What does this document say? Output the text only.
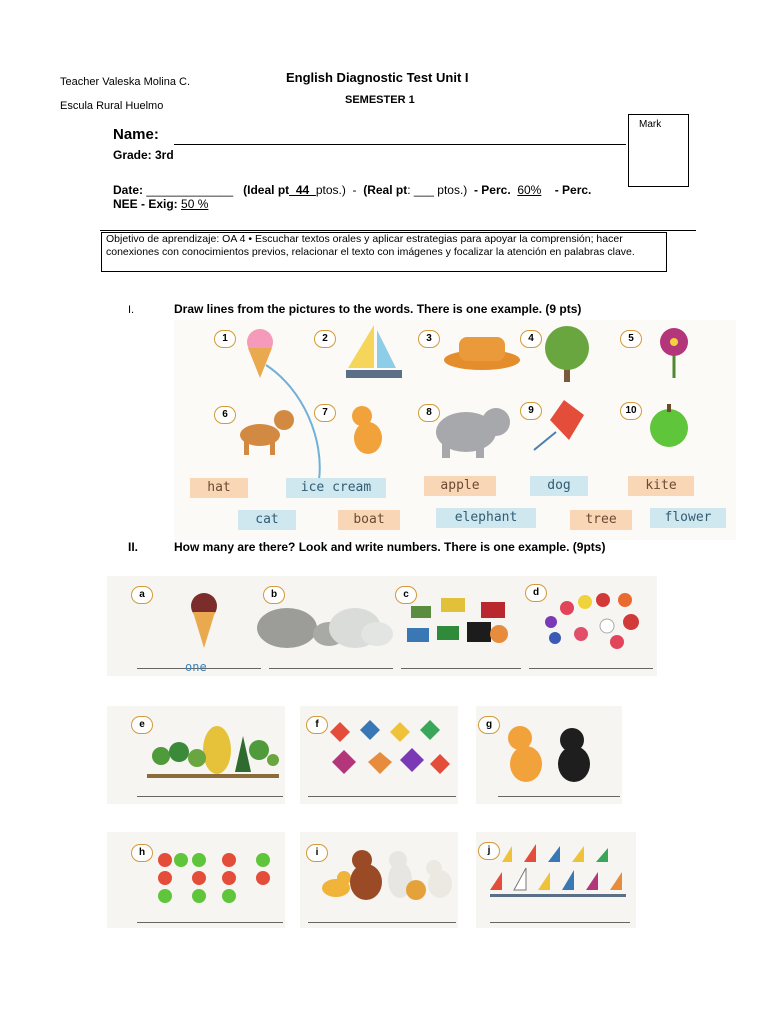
Teacher Valeska Molina C.
Escula Rural Huelmo
English Diagnostic Test Unit I
SEMESTER 1
Mark
Name:
Grade: 3rd
Date: _____________ (Ideal pt_44_ptos.) - (Real pt: ___ ptos.) - Perc. 60% - Perc.
NEE - Exig: 50 %
Objetivo de aprendizaje: OA 4 • Escuchar textos orales y aplicar estrategias para apoyar la comprensión; hacer conexiones con conocimientos previos, relacionar el texto con imágenes y focalizar la atención en palabras clave.
I.	Draw lines from the pictures to the words. There is one example. (9 pts)
1	2	3	4	5
6	7	8	9	10
hat	ice cream	apple	dog	kite
cat	boat	elephant	tree	flower
II.	How many are there? Look and write numbers. There is one example. (9pts)
a	b	c	d
one
e	f	g
h	i	j
